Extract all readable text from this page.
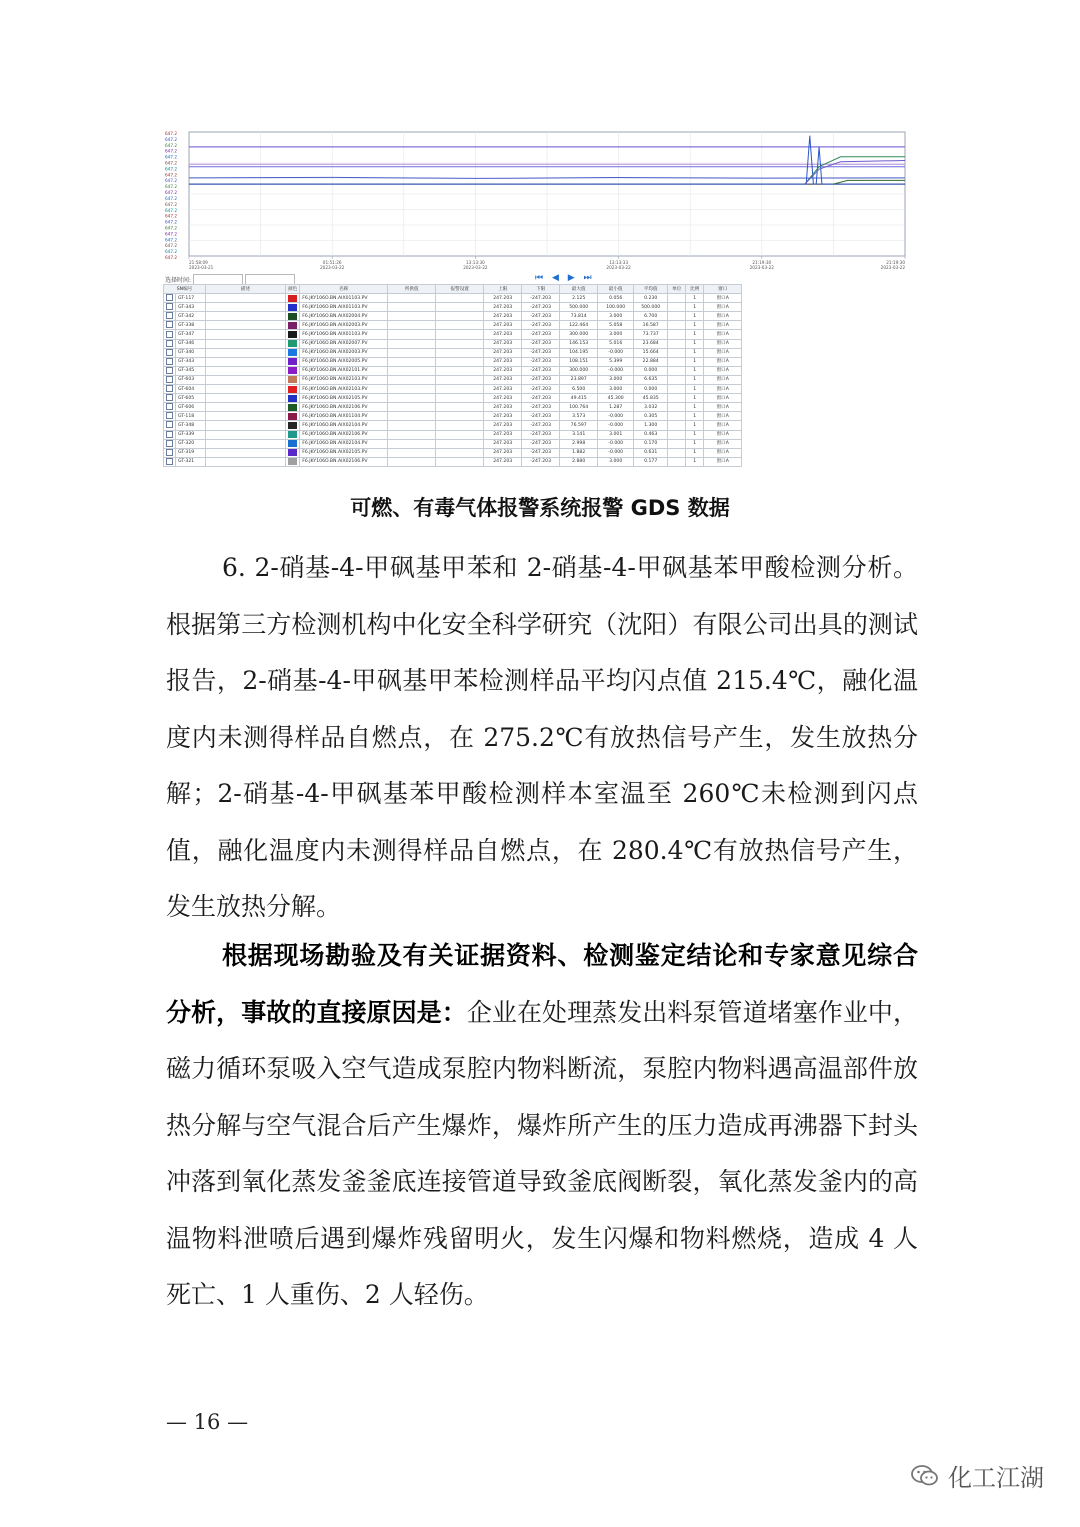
647.2
647.2
647.2
647.2
647.2
647.2
647.2
647.2
647.2
647.2
647.2
647.2
647.2
647.2
647.2
647.2
647.2
647.2
647.2
647.2
647.2
647.2
21:58:09
2023-03-21
01:51:26
2023-03-22
13:13:30
2023-03-22
13:13:33
2023-03-22
21:19:30
2023-03-22
21:19:30
2023-03-22
选择时间:	⏮ ◀ ▶ ⏭
SN编号		描述	颜色	名称	所供值	报警设置	上限	下限	最大值	最小值	平均值	单位	比例	窗口
	GT-117			F6.JKY106O.BN.AIX01103.PV			247.203	-247.203	2.125	0.056	0.230		1	窗口A
	GT-343			F6.JKY106O.BN.AIX01103.PV			247.203	-247.203	500.000	100.000	500.000		1	窗口A
	GT-342			F6.JKY106O.BN.AIX02004.PV			247.203	-247.203	73.814	3.000	6.700		1	窗口A
	GT-338			F6.JKY106O.BN.AIX02003.PV			247.203	-247.203	122.464	5.058	16.587		1	窗口A
	GT-347			F6.JKY106O.BN.AIX01103.PV			247.203	-247.203	300.000	3.000	73.737		1	窗口A
	GT-346			F6.JKY106O.BN.AIX02007.PV			247.203	-247.203	146.153	5.016	23.684		1	窗口A
	GT-340			F6.JKY106O.BN.AIX02003.PV			247.203	-247.203	104.195	-0.000	15.664		1	窗口A
	GT-343			F6.JKY106O.BN.AIX02005.PV			247.203	-247.203	108.151	5.399	22.884		1	窗口A
	GT-345			F6.JKY106O.BN.AIX02101.PV			247.203	-247.203	300.000	-0.000	0.000		1	窗口A
	GT-603			F6.JKY106O.BN.AIX02103.PV			247.203	-247.203	23.897	3.000	6.635		1	窗口A
	GT-604			F6.JKY106O.BN.AIX02103.PV			247.203	-247.203	6.500	3.000	0.000		1	窗口A
	GT-605			F6.JKY106O.BN.AIX02105.PV			247.203	-247.203	49.415	45.300	45.835		1	窗口A
	GT-606			F6.JKY106O.BN.AIX02106.PV			247.203	-247.203	100.764	1.287	3.032		1	窗口A
	GT-118			F6.JKY106O.BN.AIX01104.PV			247.203	-247.203	3.573	-0.000	0.305		1	窗口A
	GT-348			F6.JKY106O.BN.AIX02104.PV			247.203	-247.203	76.597	-0.000	1.300		1	窗口A
	GT-339			F6.JKY106O.BN.AIX02106.PV			247.203	-247.203	3.141	3.001	0.463		1	窗口A
	GT-320			F6.JKY106O.BN.AIX02104.PV			247.203	-247.203	2.998	-0.000	0.170		1	窗口A
	GT-319			F6.JKY106O.BN.AIX02105.PV			247.203	-247.203	1.882	-0.000	0.631		1	窗口A
	GT-321			F6.JKY106O.BN.AIX02106.PV			247.203	-247.203	2.880	3.000	0.177		1	窗口A
可燃、有毒气体报警系统报警 GDS 数据

6. 2-硝基-4-甲砜基甲苯和 2-硝基-4-甲砜基苯甲酸检测分析。根据第三方检测机构中化安全科学研究（沈阳）有限公司出具的测试报告，2-硝基-4-甲砜基甲苯检测样品平均闪点值 215.4℃，融化温度内未测得样品自燃点，在 275.2℃有放热信号产生，发生放热分解；2-硝基-4-甲砜基苯甲酸检测样本室温至 260℃未检测到闪点值，融化温度内未测得样品自燃点，在 280.4℃有放热信号产生，发生放热分解。

根据现场勘验及有关证据资料、检测鉴定结论和专家意见综合分析，事故的直接原因是：企业在处理蒸发出料泵管道堵塞作业中，磁力循环泵吸入空气造成泵腔内物料断流，泵腔内物料遇高温部件放热分解与空气混合后产生爆炸，爆炸所产生的压力造成再沸器下封头冲落到氧化蒸发釜釜底连接管道导致釜底阀断裂，氧化蒸发釜内的高温物料泄喷后遇到爆炸残留明火，发生闪爆和物料燃烧，造成 4 人死亡、1 人重伤、2 人轻伤。

— 16 —
化工江湖
